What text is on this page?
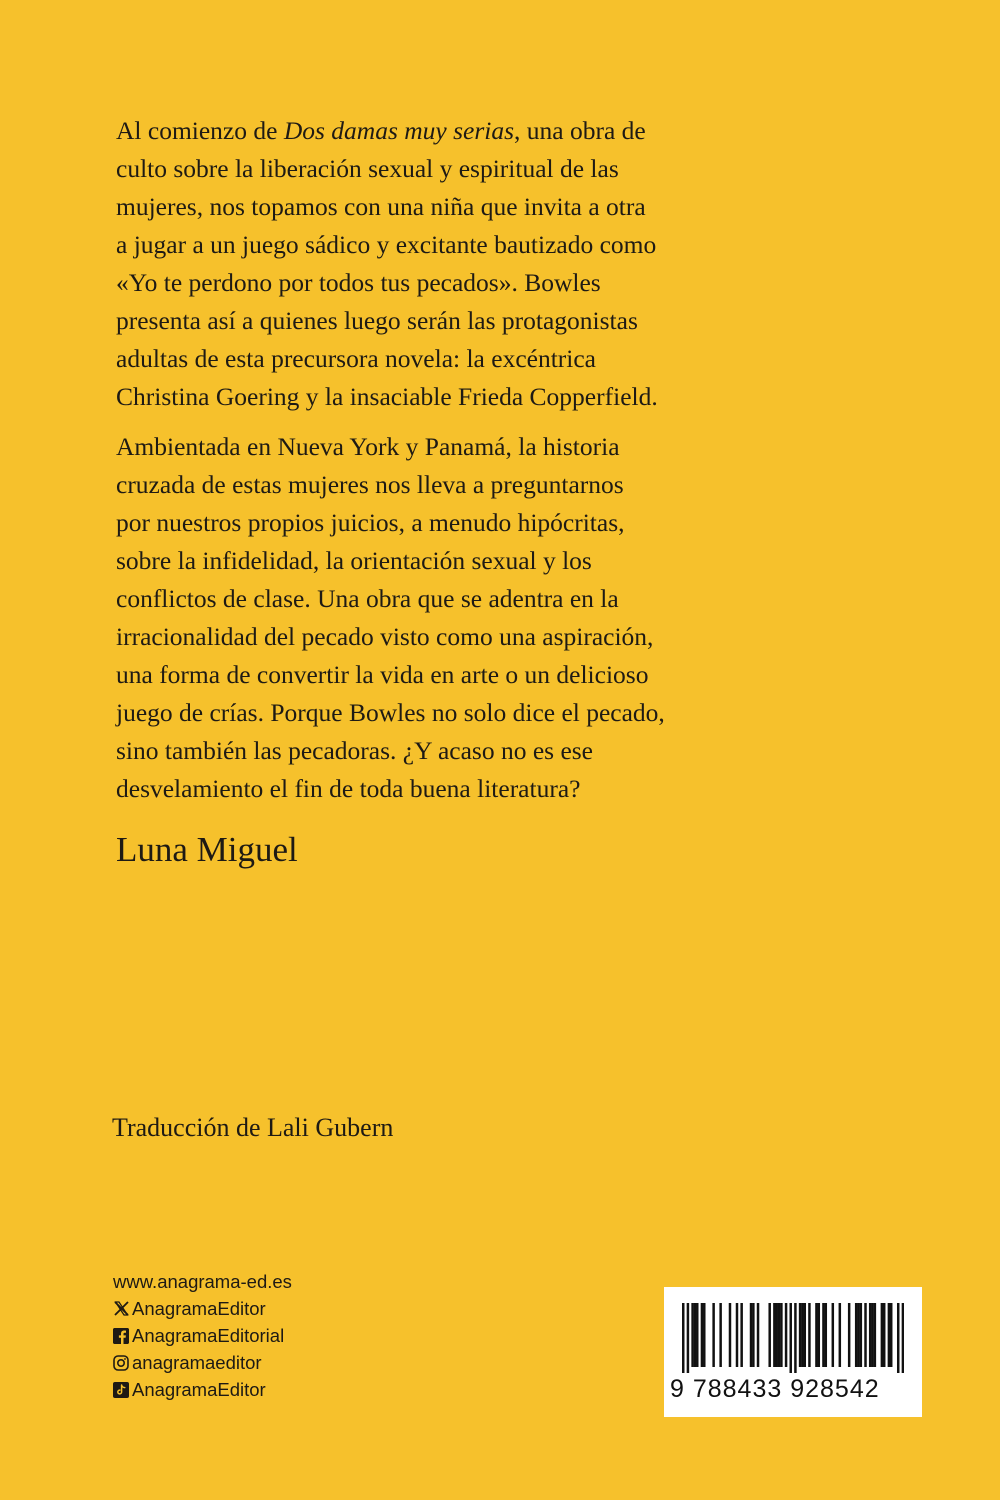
Al comienzo de Dos damas muy serias, una obra de
culto sobre la liberación sexual y espiritual de las
mujeres, nos topamos con una niña que invita a otra
a jugar a un juego sádico y excitante bautizado como
«Yo te perdono por todos tus pecados». Bowles
presenta así a quienes luego serán las protagonistas
adultas de esta precursora novela: la excéntrica
Christina Goering y la insaciable Frieda Copperfield.

Ambientada en Nueva York y Panamá, la historia
cruzada de estas mujeres nos lleva a preguntarnos
por nuestros propios juicios, a menudo hipócritas,
sobre la infidelidad, la orientación sexual y los
conflictos de clase. Una obra que se adentra en la
irracionalidad del pecado visto como una aspiración,
una forma de convertir la vida en arte o un delicioso
juego de crías. Porque Bowles no solo dice el pecado,
sino también las pecadoras. ¿Y acaso no es ese
desvelamiento el fin de toda buena literatura?

Luna Miguel
Traducción de Lali Gubern
www.anagrama-ed.es
AnagramaEditor
AnagramaEditorial
anagramaeditor
AnagramaEditor	9 788433 928542
